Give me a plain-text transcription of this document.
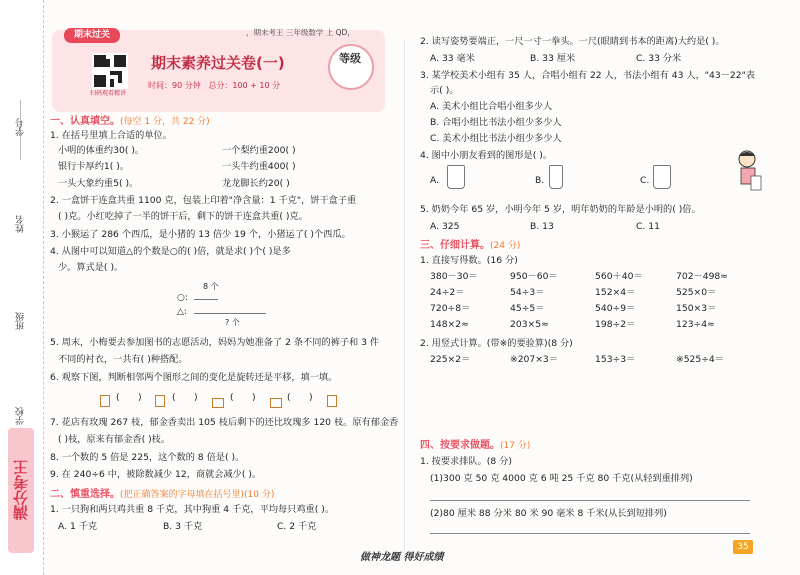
学号
姓名
班级
学校
满分考王
期末过关
扫码观看精讲
期末素养过关卷(一)
时间：90 分钟 总分：100 + 10 分
等级
，期末考王 三年级数学 上 QD，
一、认真填空。(每空 1 分，共 22 分)
1. 在括号里填上合适的单位。
小明的体重约30( )。	一个梨约重200( )
银行卡厚约1( )。	一头牛约重400( )
一头大象约重5( )。	龙龙脚长约20( )
2. 一盒饼干连盒共重 1100 克，包装上印着"净含量：1 千克"，饼干盒子重
( )克。小红吃掉了一半的饼干后，剩下的饼干连盒共重( )克。
3. 小猴运了 286 个西瓜，是小猪的 13 倍少 19 个，小猪运了( )个西瓜。
4. 从图中可以知道△的个数是○的( )倍，就是求( )个( )是多
少。算式是( )。
8 个
○:
△:
? 个
5. 周末，小梅要去参加图书的志愿活动，妈妈为她准备了 2 条不同的裤子和 3 件
不同的衬衣，一共有( )种搭配。
6. 观察下图，判断相邻两个图形之间的变化是旋转还是平移，填一填。
(　　)	(　　)	(　　)	(　　)
7. 花店有玫瑰 267 枝，郁金香卖出 105 枝后剩下的还比玫瑰多 120 枝。原有郁金香
( )枝，原来有郁金香( )枝。
8. 一个数的 5 倍是 225，这个数的 8 倍是( )。
9. 在 240÷6 中，被除数减少 12，商就会减少( )。
二、慎重选择。(把正确答案的字母填在括号里)(10 分)
1. 一只狗和两只鸡共重 8 千克，其中狗重 4 千克，平均每只鸡重( )。
A. 1 千克	B. 3 千克	C. 2 千克
2. 读写姿势要端正，一尺一寸一拳头。一尺(眼睛到书本的距离)大约是( )。
A. 33 毫米	B. 33 厘米	C. 33 分米
3. 某学校美术小组有 35 人，合唱小组有 22 人，书法小组有 43 人，"43－22"表
示( )。
A. 美术小组比合唱小组多少人
B. 合唱小组比书法小组少多少人
C. 美术小组比书法小组少多少人
4. 图中小朋友看到的图形是( )。
A.	B.	C.
5. 奶奶今年 65 岁，小明今年 5 岁，明年奶奶的年龄是小明的( )倍。
A. 325	B. 13	C. 11
三、仔细计算。(24 分)
1. 直接写得数。(16 分)
380－30＝	950－60＝	560＋40＝	702－498≈
24÷2＝	54÷3＝	152×4＝	525×0＝
720÷8＝	45÷5＝	540÷9＝	150×3＝
148×2≈	203×5≈	198÷2＝	123÷4≈
2. 用竖式计算。(带※的要验算)(8 分)
225×2＝	※207×3＝	153÷3＝	※525÷4＝
四、按要求做题。(17 分)
1. 按要求排队。(8 分)
(1)300 克 50 克 4000 克 6 吨 25 千克 80 千克(从轻到重排列)
(2)80 厘米 88 分米 80 米 90 毫米 8 千米(从长到短排列)
做神龙题 得好成绩
35
